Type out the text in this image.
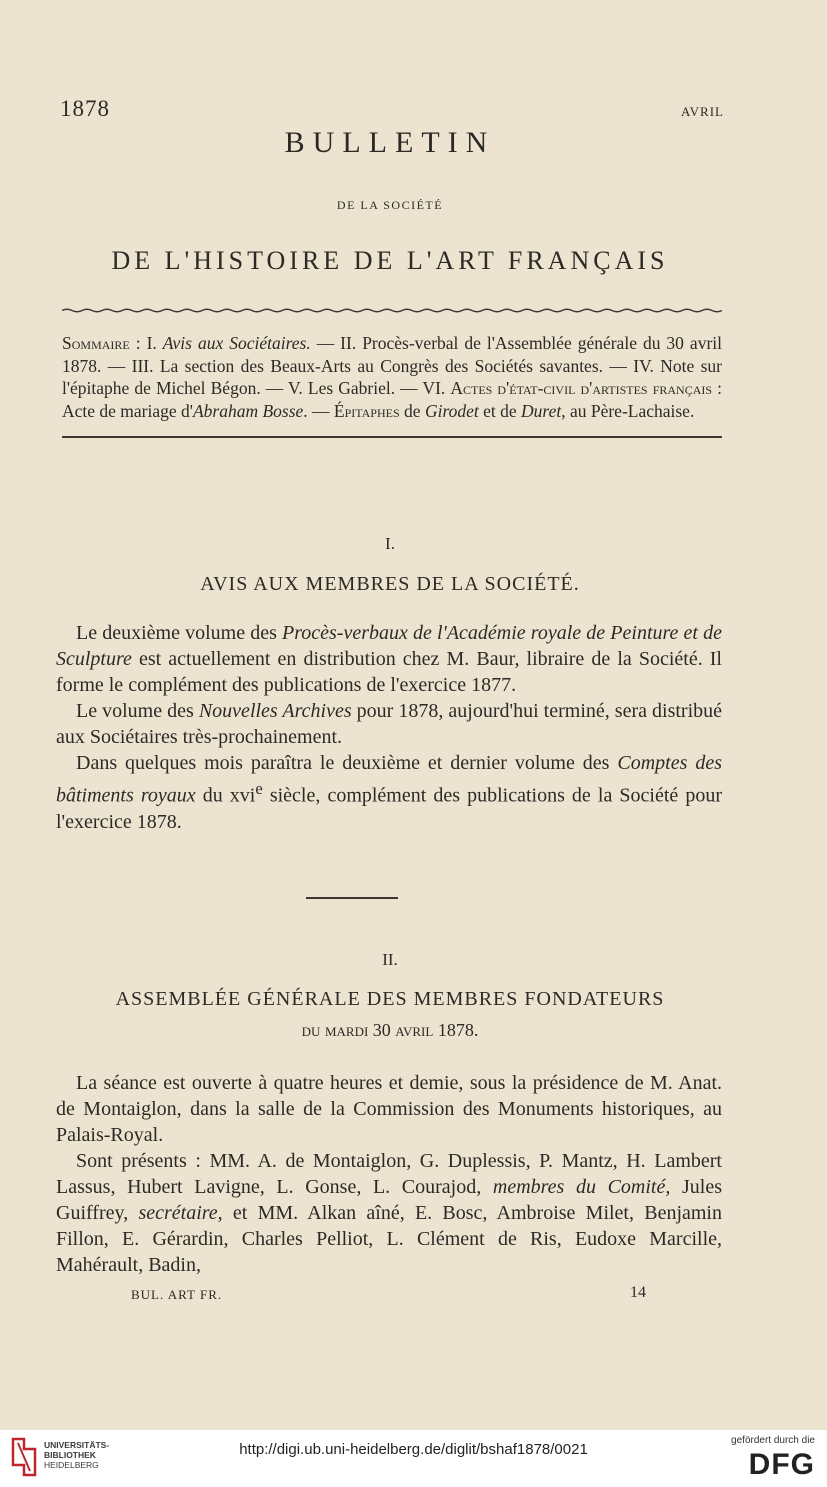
1878	AVRIL
BULLETIN
DE LA SOCIÉTÉ
DE L'HISTOIRE DE L'ART FRANÇAIS
Sommaire : I. Avis aux Sociétaires. — II. Procès-verbal de l'Assemblée générale du 30 avril 1878. — III. La section des Beaux-Arts au Congrès des Sociétés savantes. — IV. Note sur l'épitaphe de Michel Bégon. — V. Les Gabriel. — VI. Actes d'état-civil d'artistes français : Acte de mariage d'Abraham Bosse. — Épitaphes de Girodet et de Duret, au Père-Lachaise.
I.
AVIS AUX MEMBRES DE LA SOCIÉTÉ.

Le deuxième volume des Procès-verbaux de l'Académie royale de Peinture et de Sculpture est actuellement en distribution chez M. Baur, libraire de la Société. Il forme le complément des publications de l'exercice 1877.

Le volume des Nouvelles Archives pour 1878, aujourd'hui terminé, sera distribué aux Sociétaires très-prochainement.

Dans quelques mois paraîtra le deuxième et dernier volume des Comptes des bâtiments royaux du xvi$^e$ siècle, complément des publications de la Société pour l'exercice 1878.

II.
ASSEMBLÉE GÉNÉRALE DES MEMBRES FONDATEURS
du mardi 30 avril 1878.

La séance est ouverte à quatre heures et demie, sous la présidence de M. Anat. de Montaiglon, dans la salle de la Commission des Monuments historiques, au Palais-Royal.

Sont présents : MM. A. de Montaiglon, G. Duplessis, P. Mantz, H. Lambert Lassus, Hubert Lavigne, L. Gonse, L. Courajod, membres du Comité, Jules Guiffrey, secrétaire, et MM. Alkan aîné, E. Bosc, Ambroise Milet, Benjamin Fillon, E. Gérardin, Charles Pelliot, L. Clément de Ris, Eudoxe Marcille, Mahérault, Badin,

BUL. ART FR.	14
UNIVERSITÄTS-
BIBLIOTHEK
HEIDELBERG
http://digi.ub.uni-heidelberg.de/diglit/bshaf1878/0021
gefördert durch die
DFG
